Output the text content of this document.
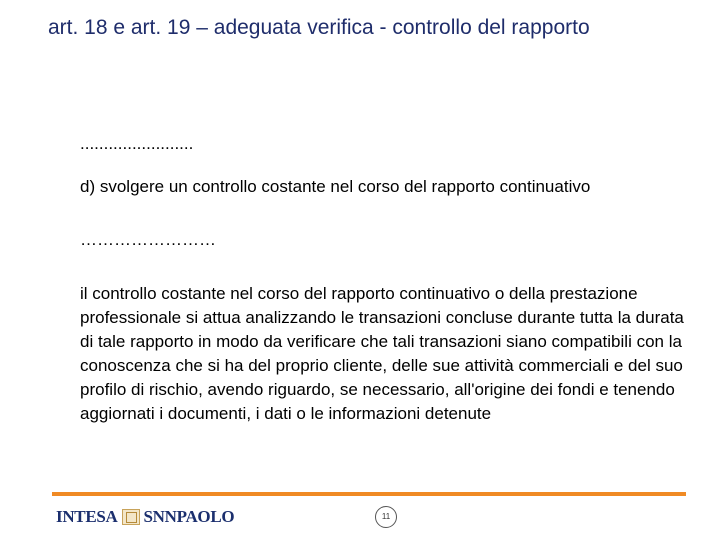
art. 18 e art. 19 – adeguata verifica - controllo del rapporto

........................

d) svolgere un controllo costante nel corso del rapporto continuativo

……………………

il controllo costante nel corso del rapporto continuativo o della prestazione professionale si attua analizzando le transazioni concluse durante tutta la durata di tale rapporto in modo da verificare che tali transazioni siano compatibili con la conoscenza che si ha del proprio cliente, delle sue attività commerciali e del suo profilo di rischio, avendo riguardo, se necessario, all'origine dei fondi e tenendo aggiornati i documenti, i dati o le informazioni detenute

INTESA SNNPAOLO	11
